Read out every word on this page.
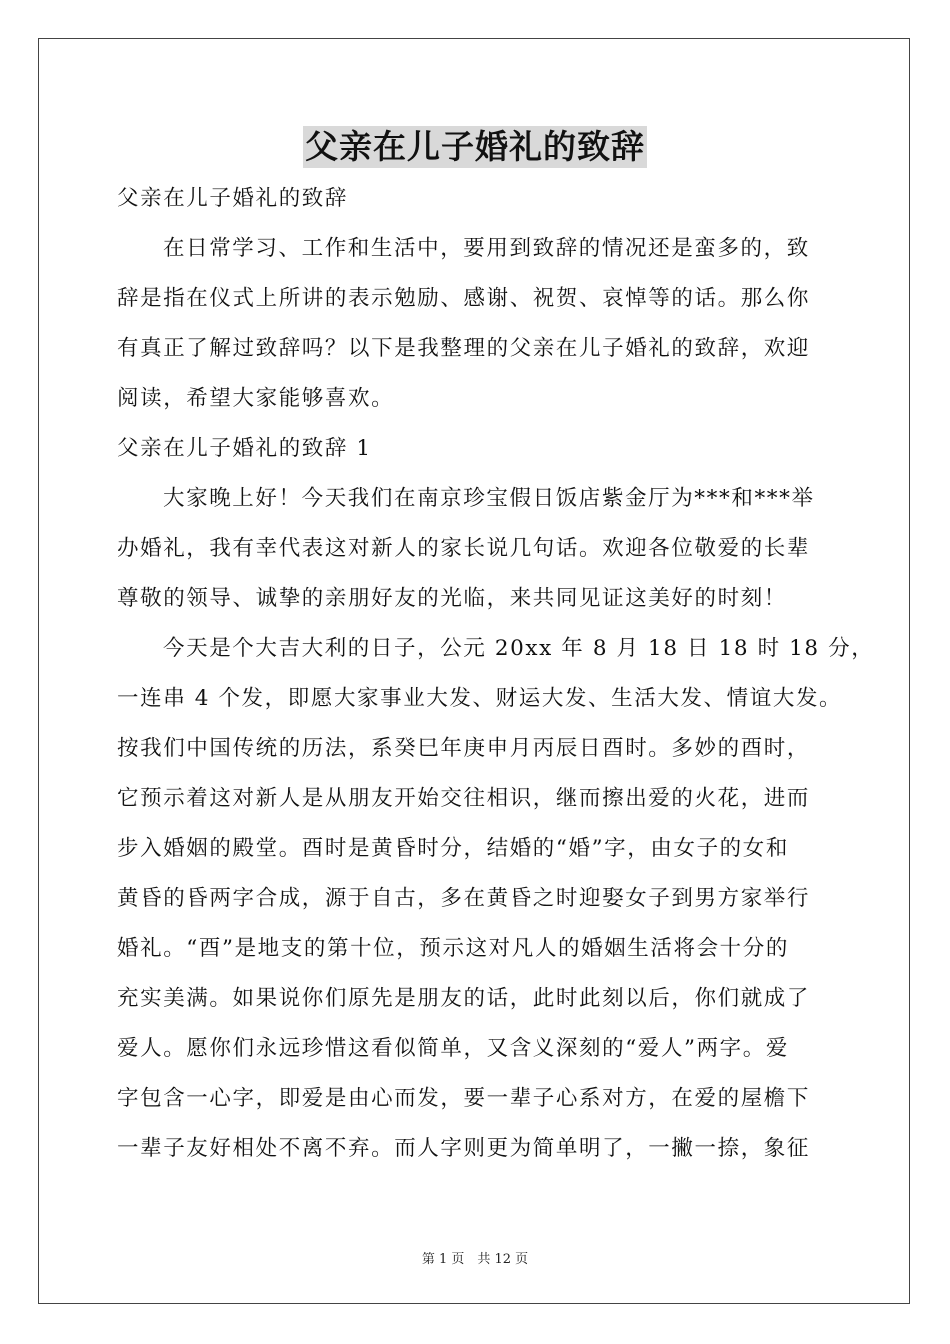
父亲在儿子婚礼的致辞
父亲在儿子婚礼的致辞
在日常学习、工作和生活中，要用到致辞的情况还是蛮多的，致
辞是指在仪式上所讲的表示勉励、感谢、祝贺、哀悼等的话。那么你
有真正了解过致辞吗？以下是我整理的父亲在儿子婚礼的致辞，欢迎
阅读，希望大家能够喜欢。
父亲在儿子婚礼的致辞 1
大家晚上好！今天我们在南京珍宝假日饭店紫金厅为***和***举
办婚礼，我有幸代表这对新人的家长说几句话。欢迎各位敬爱的长辈
尊敬的领导、诚挚的亲朋好友的光临，来共同见证这美好的时刻！
今天是个大吉大利的日子，公元 20xx 年 8 月 18 日 18 时 18 分，
一连串 4 个发，即愿大家事业大发、财运大发、生活大发、情谊大发。
按我们中国传统的历法，系癸巳年庚申月丙辰日酉时。多妙的酉时，
它预示着这对新人是从朋友开始交往相识，继而擦出爱的火花，进而
步入婚姻的殿堂。酉时是黄昏时分，结婚的“婚”字，由女子的女和
黄昏的昏两字合成，源于自古，多在黄昏之时迎娶女子到男方家举行
婚礼。“酉”是地支的第十位，预示这对凡人的婚姻生活将会十分的
充实美满。如果说你们原先是朋友的话，此时此刻以后，你们就成了
爱人。愿你们永远珍惜这看似简单，又含义深刻的“爱人”两字。爱
字包含一心字，即爱是由心而发，要一辈子心系对方，在爱的屋檐下
一辈子友好相处不离不弃。而人字则更为简单明了，一撇一捺，象征
第 1 页　共 12 页
